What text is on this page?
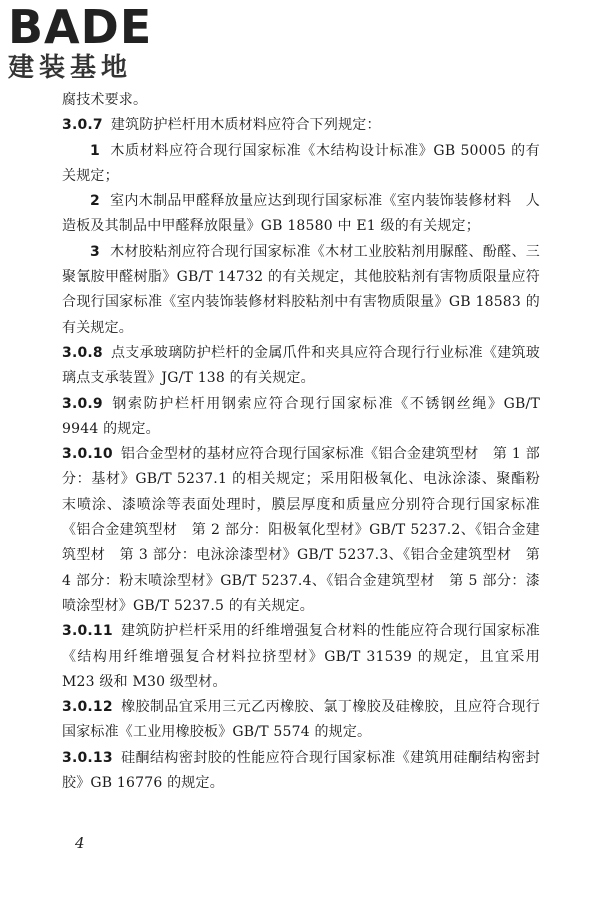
BADE
建装基地

腐技术要求。

3.0.7 建筑防护栏杆用木质材料应符合下列规定：

1 木质材料应符合现行国家标准《木结构设计标准》GB 50005 的有关规定；

2 室内木制品甲醛释放量应达到现行国家标准《室内装饰装修材料　人造板及其制品中甲醛释放限量》GB 18580 中 E1 级的有关规定；

3 木材胶粘剂应符合现行国家标准《木材工业胶粘剂用脲醛、酚醛、三聚氰胺甲醛树脂》GB/T 14732 的有关规定，其他胶粘剂有害物质限量应符合现行国家标准《室内装饰装修材料胶粘剂中有害物质限量》GB 18583 的有关规定。

3.0.8 点支承玻璃防护栏杆的金属爪件和夹具应符合现行行业标准《建筑玻璃点支承装置》JG/T 138 的有关规定。

3.0.9 钢索防护栏杆用钢索应符合现行国家标准《不锈钢丝绳》GB/T 9944 的规定。

3.0.10 铝合金型材的基材应符合现行国家标准《铝合金建筑型材　第 1 部分：基材》GB/T 5237.1 的相关规定；采用阳极氧化、电泳涂漆、聚酯粉末喷涂、漆喷涂等表面处理时，膜层厚度和质量应分别符合现行国家标准《铝合金建筑型材　第 2 部分：阳极氧化型材》GB/T 5237.2、《铝合金建筑型材　第 3 部分：电泳涂漆型材》GB/T 5237.3、《铝合金建筑型材　第 4 部分：粉末喷涂型材》GB/T 5237.4、《铝合金建筑型材　第 5 部分：漆喷涂型材》GB/T 5237.5 的有关规定。

3.0.11 建筑防护栏杆采用的纤维增强复合材料的性能应符合现行国家标准《结构用纤维增强复合材料拉挤型材》GB/T 31539 的规定，且宜采用 M23 级和 M30 级型材。

3.0.12 橡胶制品宜采用三元乙丙橡胶、氯丁橡胶及硅橡胶，且应符合现行国家标准《工业用橡胶板》GB/T 5574 的规定。

3.0.13 硅酮结构密封胶的性能应符合现行国家标准《建筑用硅酮结构密封胶》GB 16776 的规定。

4
